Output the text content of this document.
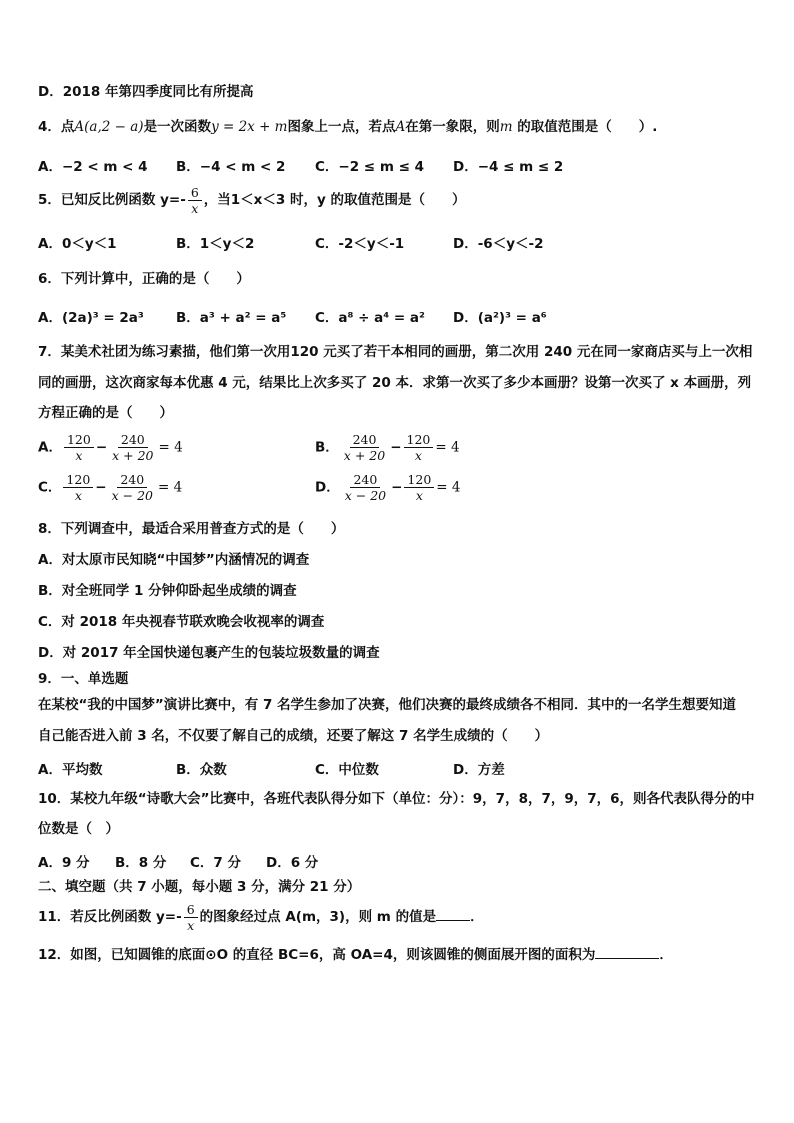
D．2018 年第四季度同比有所提高
4．点A(a,2 − a)是一次函数y = 2x + m图象上一点，若点A在第一象限，则m 的取值范围是（　　）.
A．−2 < m < 4 B．−4 < m < 2 C．−2 ≤ m ≤ 4 D．−4 ≤ m ≤ 2
5．已知反比例函数 $y=- \frac{6}{x}$ ，当1＜x＜3 时，y 的取值范围是（　　）
A．0＜y＜1	B．1＜y＜2	C．-2＜y＜-1	D．-6＜y＜-2
6．下列计算中，正确的是（　　）
A．(2a)³ = 2a³ B．a³ + a² = a⁵ C．a⁸ ÷ a⁴ = a² D．(a²)³ = a⁶
7．某美术社团为练习素描，他们第一次用120 元买了若干本相同的画册，第二次用 240 元在同一家商店买与上一次相
同的画册，这次商家每本优惠 4 元，结果比上次多买了 20 本．求第一次买了多少本画册？设第一次买了 x 本画册，列
方程正确的是（　　）
A． $\frac{120}{x} - \frac{240}{x + 20} = 4$	B． $\frac{240}{x + 20} - \frac{120}{x} = 4$
C． $\frac{120}{x} - \frac{240}{x - 20} = 4$	D． $\frac{240}{x - 20} - \frac{120}{x} = 4$
8．下列调查中，最适合采用普查方式的是（　　）
A．对太原市民知晓“中国梦”内涵情况的调查
B．对全班同学 1 分钟仰卧起坐成绩的调查
C．对 2018 年央视春节联欢晚会收视率的调查
D．对 2017 年全国快递包裹产生的包装垃圾数量的调查
9．一、单选题
在某校“我的中国梦”演讲比赛中，有 7 名学生参加了决赛，他们决赛的最终成绩各不相同．其中的一名学生想要知道
自己能否进入前 3 名，不仅要了解自己的成绩，还要了解这 7 名学生成绩的（　　）
A．平均数	B．众数	C．中位数	D．方差
10．某校九年级“诗歌大会”比赛中，各班代表队得分如下（单位：分）：9，7，8，7，9，7，6，则各代表队得分的中
位数是（　）
A．9 分 B．8 分 C．7 分 D．6 分
二、填空题（共 7 小题，每小题 3 分，满分 21 分）
11．若反比例函数 $y=- \frac{6}{x}$ 的图象经过点 A(m，3)，则 m 的值是	．
12．如图，已知圆锥的底面⊙O 的直径 BC=6，高 OA=4，则该圆锥的侧面展开图的面积为	．
